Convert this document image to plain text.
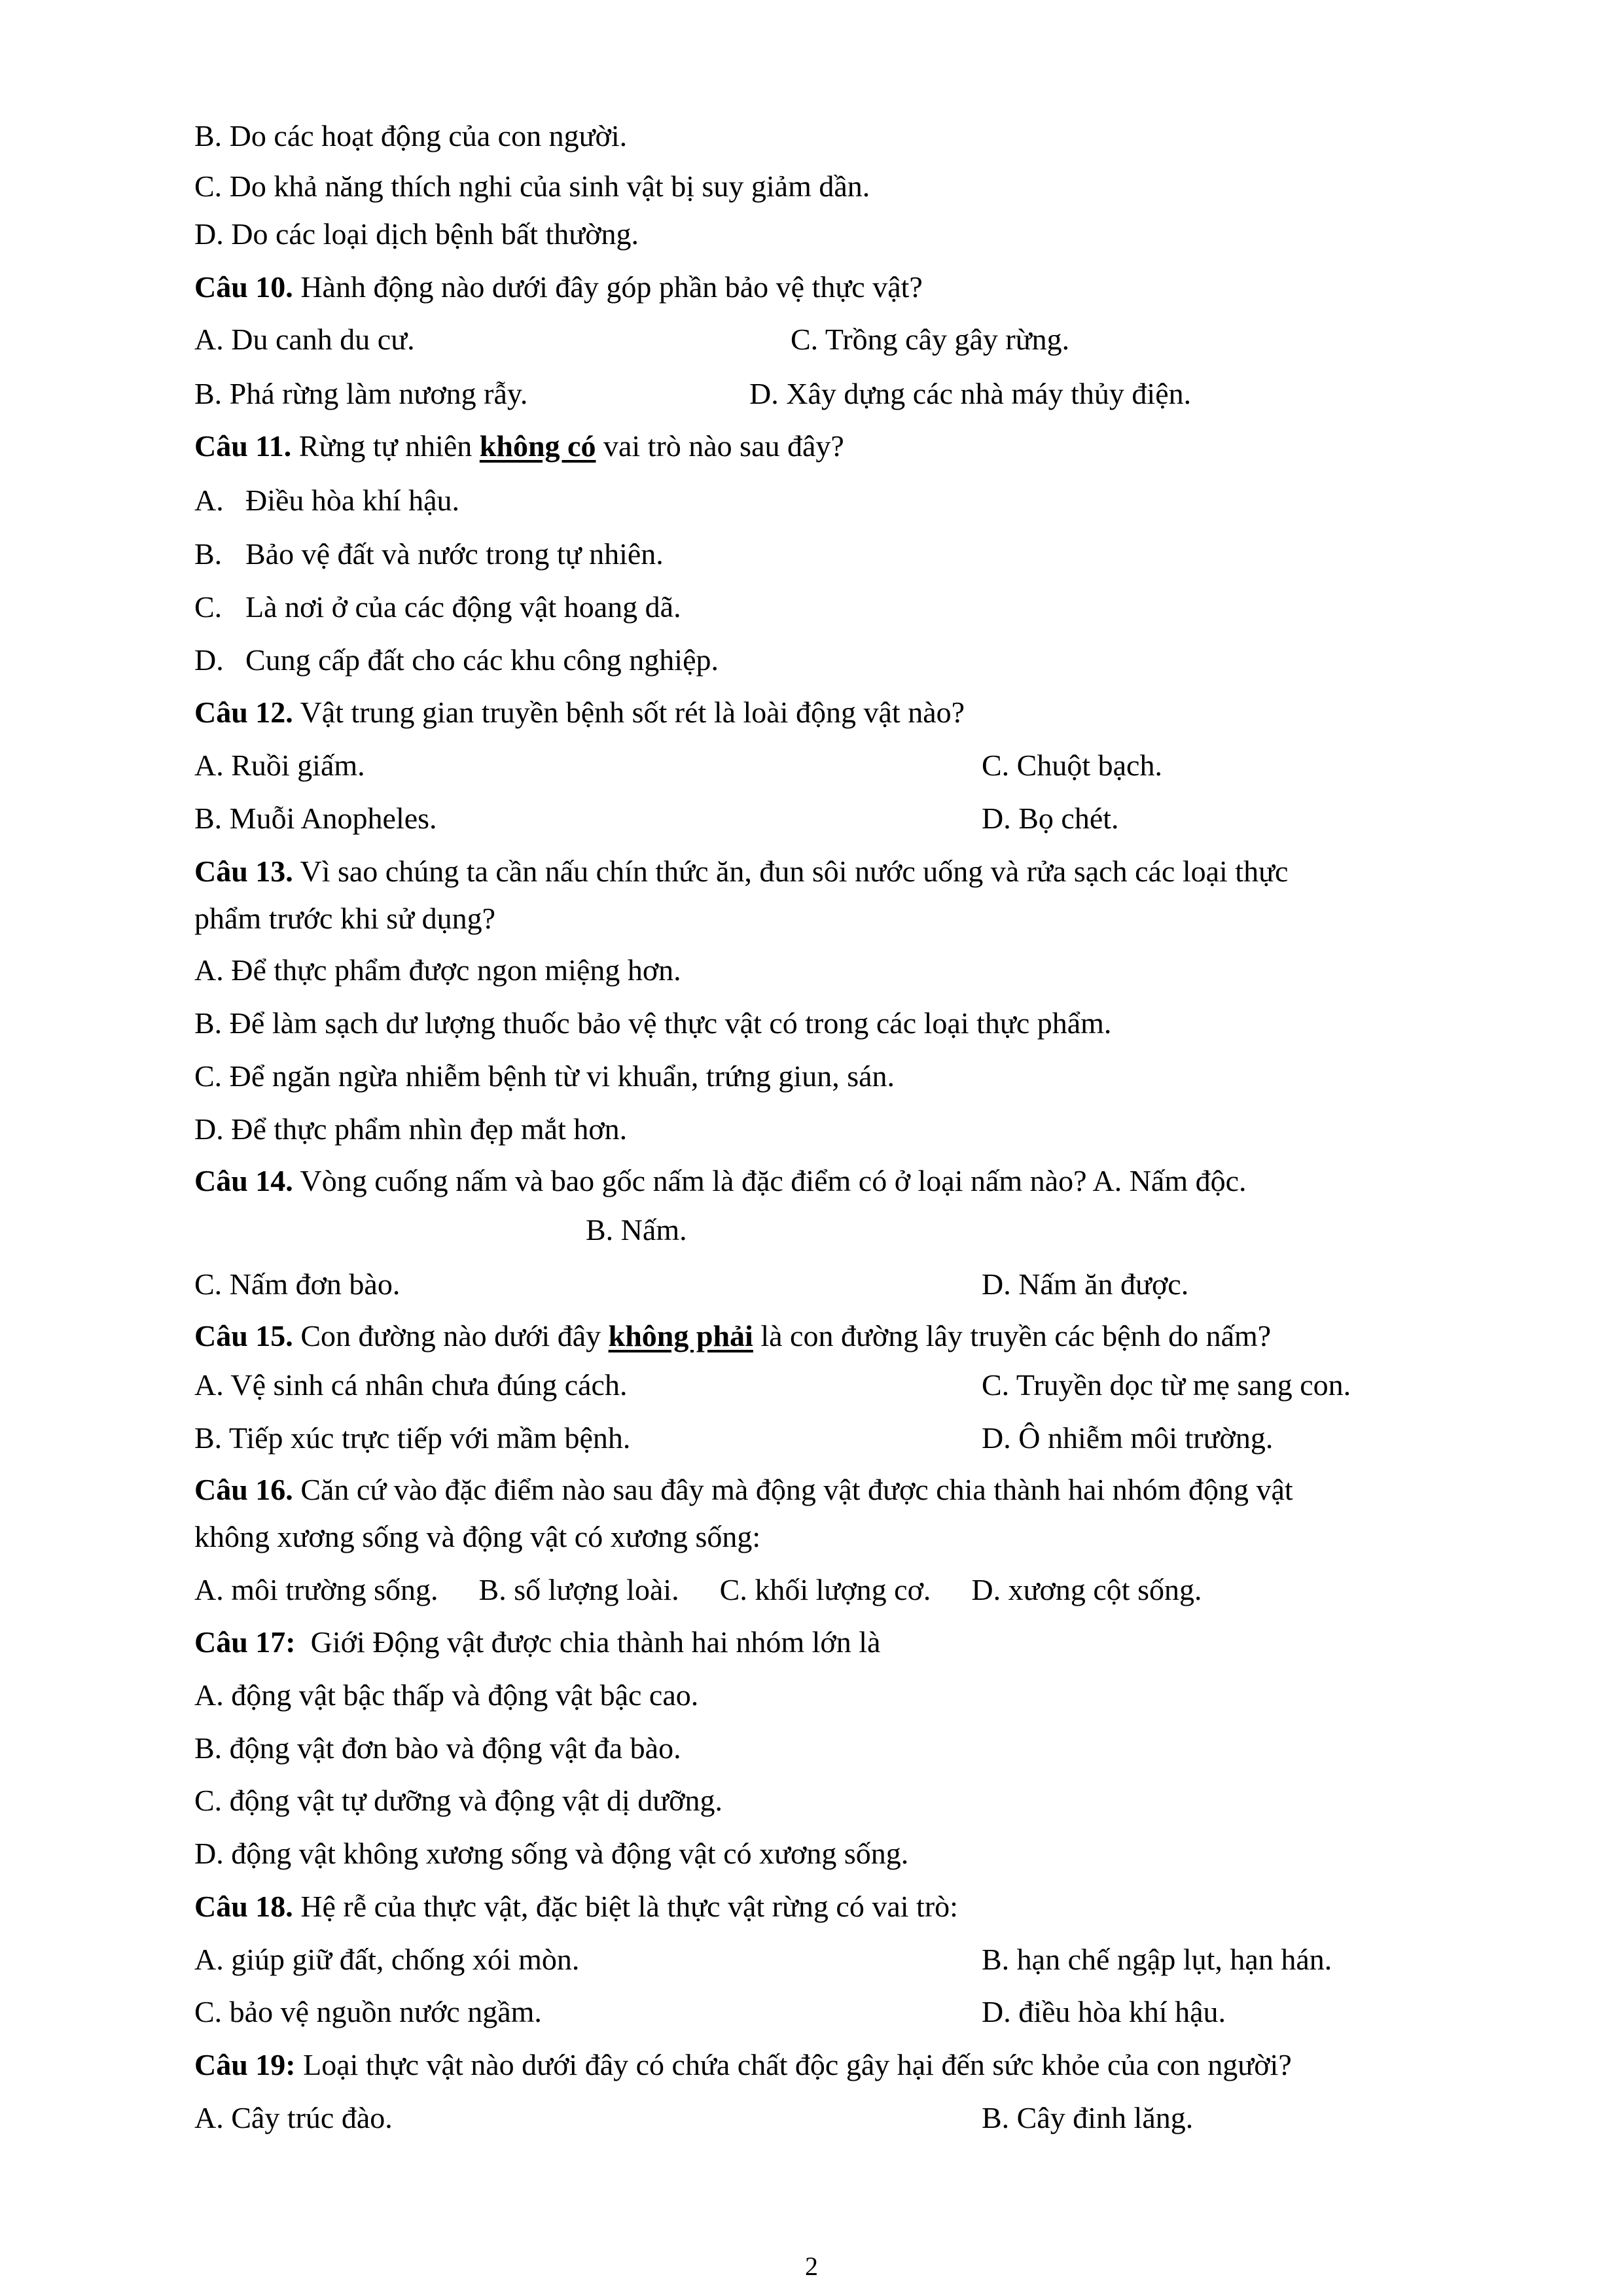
B. Do các hoạt động của con người.
C. Do khả năng thích nghi của sinh vật bị suy giảm dần.
D. Do các loại dịch bệnh bất thường.
Câu 10. Hành động nào dưới đây góp phần bảo vệ thực vật?
A. Du canh du cư.	C. Trồng cây gây rừng.
B. Phá rừng làm nương rẫy.	D. Xây dựng các nhà máy thủy điện.
Câu 11. Rừng tự nhiên không có vai trò nào sau đây?
A. Điều hòa khí hậu.
B. Bảo vệ đất và nước trong tự nhiên.
C. Là nơi ở của các động vật hoang dã.
D. Cung cấp đất cho các khu công nghiệp.
Câu 12. Vật trung gian truyền bệnh sốt rét là loài động vật nào?
A. Ruồi giấm.	C. Chuột bạch.
B. Muỗi Anopheles.	D. Bọ chét.
Câu 13. Vì sao chúng ta cần nấu chín thức ăn, đun sôi nước uống và rửa sạch các loại thực
phẩm trước khi sử dụng?
A. Để thực phẩm được ngon miệng hơn.
B. Để làm sạch dư lượng thuốc bảo vệ thực vật có trong các loại thực phẩm.
C. Để ngăn ngừa nhiễm bệnh từ vi khuẩn, trứng giun, sán.
D. Để thực phẩm nhìn đẹp mắt hơn.
Câu 14. Vòng cuống nấm và bao gốc nấm là đặc điểm có ở loại nấm nào? A. Nấm độc.
B. Nấm.
C. Nấm đơn bào.	D. Nấm ăn được.
Câu 15. Con đường nào dưới đây không phải là con đường lây truyền các bệnh do nấm?
A. Vệ sinh cá nhân chưa đúng cách.	C. Truyền dọc từ mẹ sang con.
B. Tiếp xúc trực tiếp với mầm bệnh.	D. Ô nhiễm môi trường.
Câu 16. Căn cứ vào đặc điểm nào sau đây mà động vật được chia thành hai nhóm động vật
không xương sống và động vật có xương sống:
A. môi trường sống. B. số lượng loài. C. khối lượng cơ. D. xương cột sống.
Câu 17:  Giới Động vật được chia thành hai nhóm lớn là
A. động vật bậc thấp và động vật bậc cao.
B. động vật đơn bào và động vật đa bào.
C. động vật tự dưỡng và động vật dị dưỡng.
D. động vật không xương sống và động vật có xương sống.
Câu 18. Hệ rễ của thực vật, đặc biệt là thực vật rừng có vai trò:
A. giúp giữ đất, chống xói mòn.	B. hạn chế ngập lụt, hạn hán.
C. bảo vệ nguồn nước ngầm.	D. điều hòa khí hậu.
Câu 19: Loại thực vật nào dưới đây có chứa chất độc gây hại đến sức khỏe của con người?
A. Cây trúc đào.	B. Cây đinh lăng.
2
